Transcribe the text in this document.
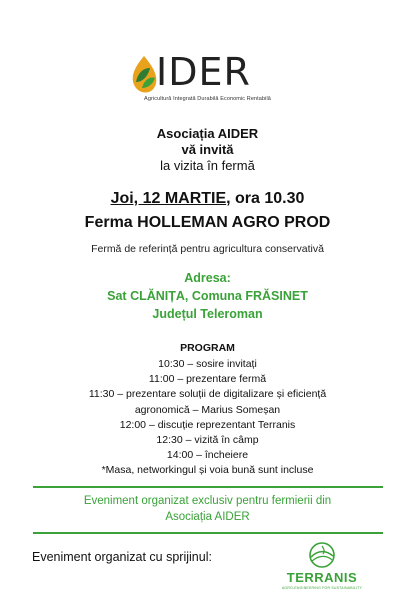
IDER
Agricultură Integrată Durabilă Economic Rentabilă
Asociația AIDER
vă invită
la vizita în fermă
Joi, 12 MARTIE, ora 10.30
Ferma HOLLEMAN AGRO PROD
Fermă de referință pentru agricultura conservativă
Adresa:
Sat CLĂNIȚA, Comuna FRĂSINET
Județul Teleroman
PROGRAM
10:30 – sosire invitați
11:00 – prezentare fermă
11:30 – prezentare soluții de digitalizare și eficiență
agronomică – Marius Someșan
12:00 – discuție reprezentant Terranis
12:30 – vizită în câmp
14:00 – încheiere
*Masa, networkingul și voia bună sunt incluse
Eveniment organizat exclusiv pentru fermierii din
Asociația AIDER
Eveniment organizat cu sprijinul:
TERRANIS
AGRO-ENGINEERING FOR SUSTAINABILITY
